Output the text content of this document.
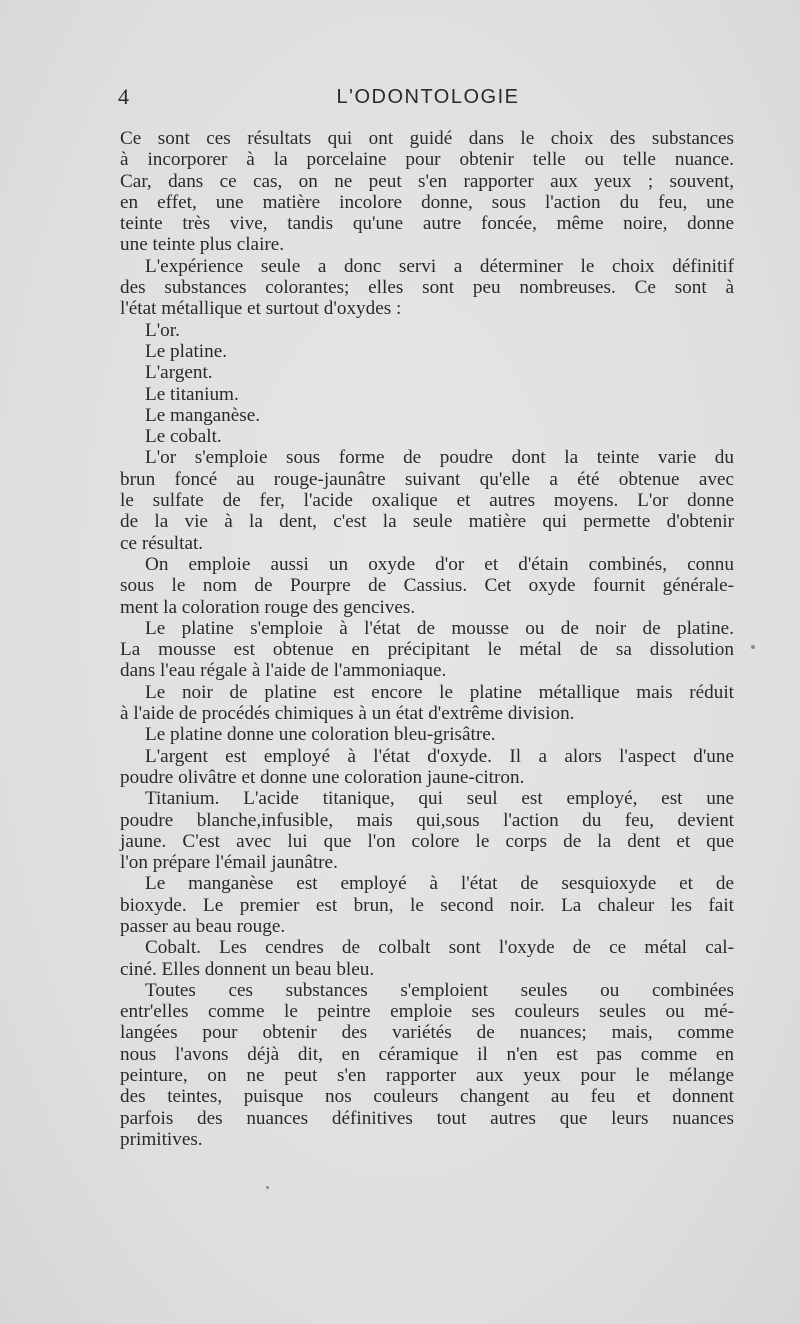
4	L'ODONTOLOGIE
Ce sont ces résultats qui ont guidé dans le choix des substances
à incorporer à la porcelaine pour obtenir telle ou telle nuance.
Car, dans ce cas, on ne peut s'en rapporter aux yeux ; souvent,
en effet, une matière incolore donne, sous l'action du feu, une
teinte très vive, tandis qu'une autre foncée, même noire, donne
une teinte plus claire.
L'expérience seule a donc servi a déterminer le choix définitif
des substances colorantes; elles sont peu nombreuses. Ce sont à
l'état métallique et surtout d'oxydes :
L'or.
Le platine.
L'argent.
Le titanium.
Le manganèse.
Le cobalt.
L'or s'emploie sous forme de poudre dont la teinte varie du
brun foncé au rouge-jaunâtre suivant qu'elle a été obtenue avec
le sulfate de fer, l'acide oxalique et autres moyens. L'or donne
de la vie à la dent, c'est la seule matière qui permette d'obtenir
ce résultat.
On emploie aussi un oxyde d'or et d'étain combinés, connu
sous le nom de Pourpre de Cassius. Cet oxyde fournit générale-
ment la coloration rouge des gencives.
Le platine s'emploie à l'état de mousse ou de noir de platine.
La mousse est obtenue en précipitant le métal de sa dissolution
dans l'eau régale à l'aide de l'ammoniaque.
Le noir de platine est encore le platine métallique mais réduit
à l'aide de procédés chimiques à un état d'extrême division.
Le platine donne une coloration bleu-grisâtre.
L'argent est employé à l'état d'oxyde. Il a alors l'aspect d'une
poudre olivâtre et donne une coloration jaune-citron.
Titanium. L'acide titanique, qui seul est employé, est une
poudre blanche,infusible, mais qui,sous l'action du feu, devient
jaune. C'est avec lui que l'on colore le corps de la dent et que
l'on prépare l'émail jaunâtre.
Le manganèse est employé à l'état de sesquioxyde et de
bioxyde. Le premier est brun, le second noir. La chaleur les fait
passer au beau rouge.
Cobalt. Les cendres de colbalt sont l'oxyde de ce métal cal-
ciné. Elles donnent un beau bleu.
Toutes ces substances s'emploient seules ou combinées
entr'elles comme le peintre emploie ses couleurs seules ou mé-
langées pour obtenir des variétés de nuances; mais, comme
nous l'avons déjà dit, en céramique il n'en est pas comme en
peinture, on ne peut s'en rapporter aux yeux pour le mélange
des teintes, puisque nos couleurs changent au feu et donnent
parfois des nuances définitives tout autres que leurs nuances
primitives.
